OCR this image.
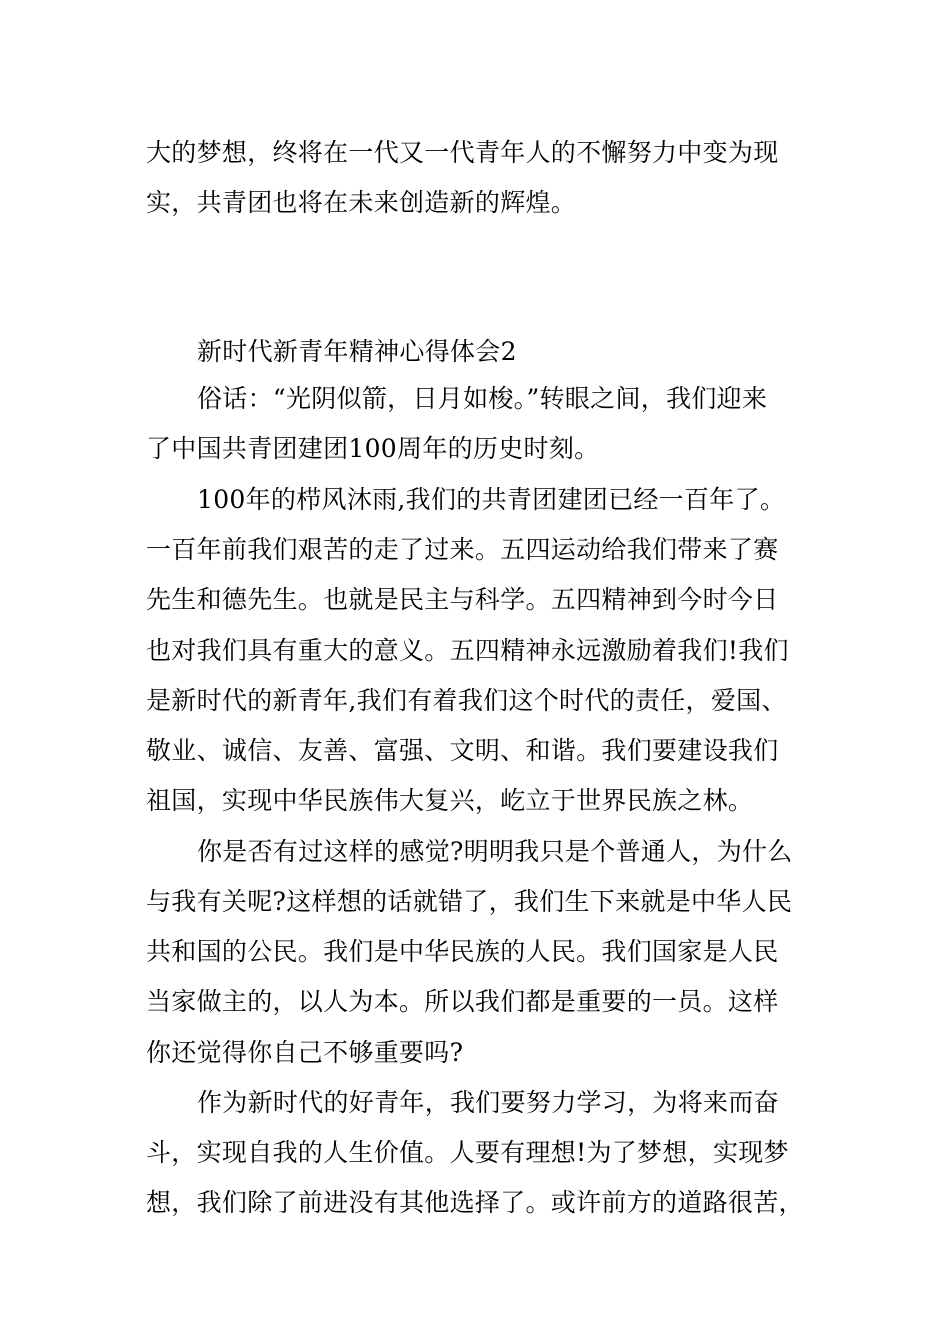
大的梦想，终将在一代又一代青年人的不懈努力中变为现
实，共青团也将在未来创造新的辉煌。
新时代新青年精神心得体会2
俗话：“光阴似箭，日月如梭。”转眼之间，我们迎来
了中国共青团建团100周年的历史时刻。
100年的栉风沐雨,我们的共青团建团已经一百年了。
一百年前我们艰苦的走了过来。五四运动给我们带来了赛
先生和德先生。也就是民主与科学。五四精神到今时今日
也对我们具有重大的意义。五四精神永远激励着我们!我们
是新时代的新青年,我们有着我们这个时代的责任，爱国、
敬业、诚信、友善、富强、文明、和谐。我们要建设我们
祖国，实现中华民族伟大复兴，屹立于世界民族之林。
你是否有过这样的感觉?明明我只是个普通人，为什么
与我有关呢?这样想的话就错了，我们生下来就是中华人民
共和国的公民。我们是中华民族的人民。我们国家是人民
当家做主的，以人为本。所以我们都是重要的一员。这样
你还觉得你自己不够重要吗?
作为新时代的好青年，我们要努力学习，为将来而奋
斗，实现自我的人生价值。人要有理想!为了梦想，实现梦
想，我们除了前进没有其他选择了。或许前方的道路很苦，
